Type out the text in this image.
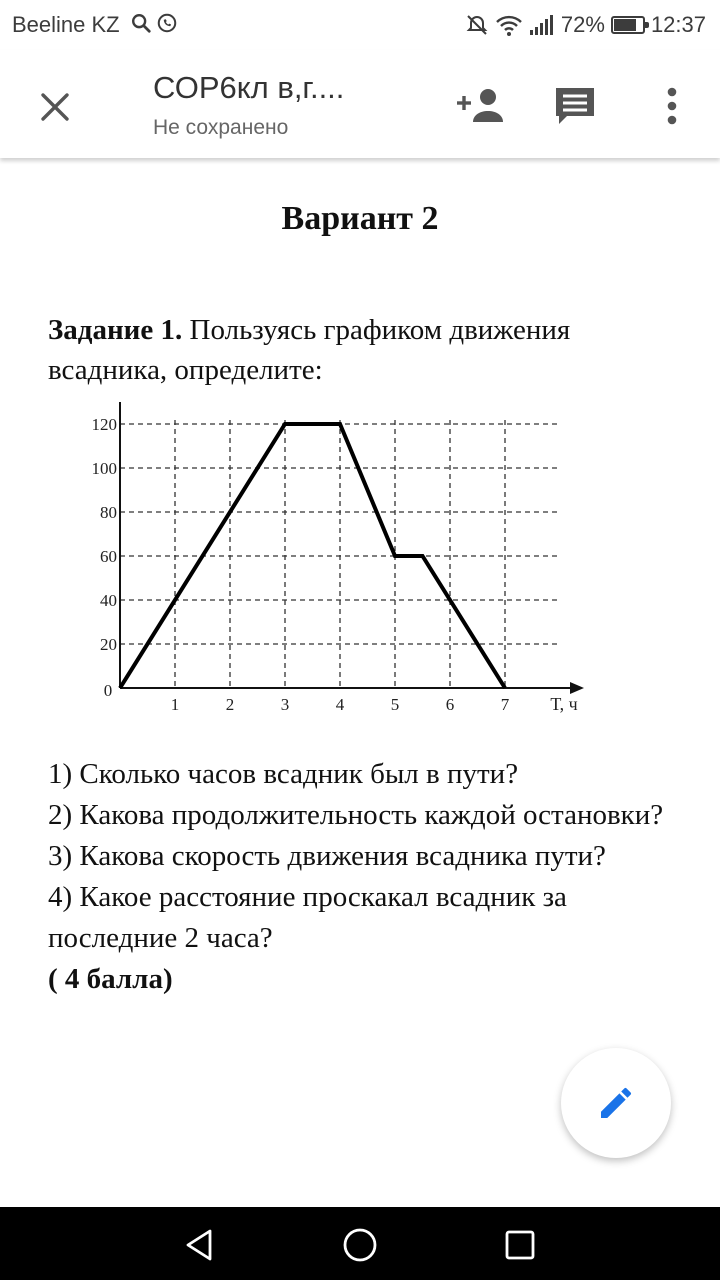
Beeline KZ	72% 12:37
СОР6кл в,г....
Не сохранено
Вариант 2
Задание 1. Пользуясь графиком движения всадника, определите:
120
100
80
60
40
20
1	2	3	4	5	6	7
0
Т, ч
1) Сколько часов всадник был в пути?
2) Какова продолжительность каждой остановки?
3) Какова скорость движения всадника пути?
4) Какое расстояние проскакал всадник за последние 2 часа?
( 4 балла)
